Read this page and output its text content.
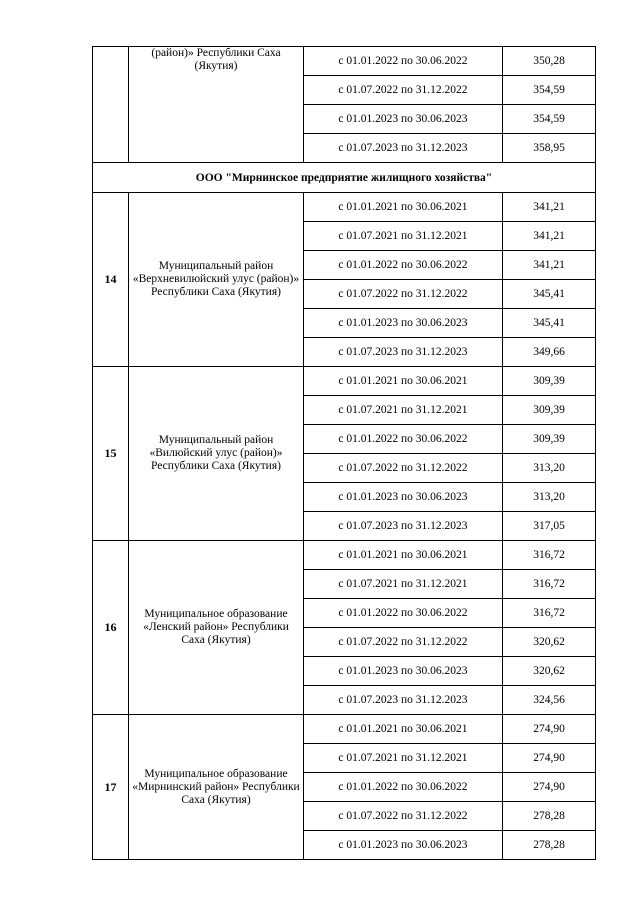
	(район)» Республики Саха (Якутия)	с 01.01.2022 по 30.06.2022	350,28
		с 01.07.2022 по 31.12.2022	354,59
		с 01.01.2023 по 30.06.2023	354,59
		с 01.07.2023 по 31.12.2023	358,95
ООО "Мирнинское предприятие жилищного хозяйства"			
14	Муниципальный район «Верхневилюйский улус (район)» Республики Саха (Якутия)	с 01.01.2021 по 30.06.2021	341,21
		с 01.07.2021 по 31.12.2021	341,21
		с 01.01.2022 по 30.06.2022	341,21
		с 01.07.2022 по 31.12.2022	345,41
		с 01.01.2023 по 30.06.2023	345,41
		с 01.07.2023 по 31.12.2023	349,66
15	Муниципальный район «Вилюйский улус (район)» Республики Саха (Якутия)	с 01.01.2021 по 30.06.2021	309,39
		с 01.07.2021 по 31.12.2021	309,39
		с 01.01.2022 по 30.06.2022	309,39
		с 01.07.2022 по 31.12.2022	313,20
		с 01.01.2023 по 30.06.2023	313,20
		с 01.07.2023 по 31.12.2023	317,05
16	Муниципальное образование «Ленский район» Республики Саха (Якутия)	с 01.01.2021 по 30.06.2021	316,72
		с 01.07.2021 по 31.12.2021	316,72
		с 01.01.2022 по 30.06.2022	316,72
		с 01.07.2022 по 31.12.2022	320,62
		с 01.01.2023 по 30.06.2023	320,62
		с 01.07.2023 по 31.12.2023	324,56
17	Муниципальное образование «Мирнинский район» Республики Саха (Якутия)	с 01.01.2021 по 30.06.2021	274,90
		с 01.07.2021 по 31.12.2021	274,90
		с 01.01.2022 по 30.06.2022	274,90
		с 01.07.2022 по 31.12.2022	278,28
		с 01.01.2023 по 30.06.2023	278,28
